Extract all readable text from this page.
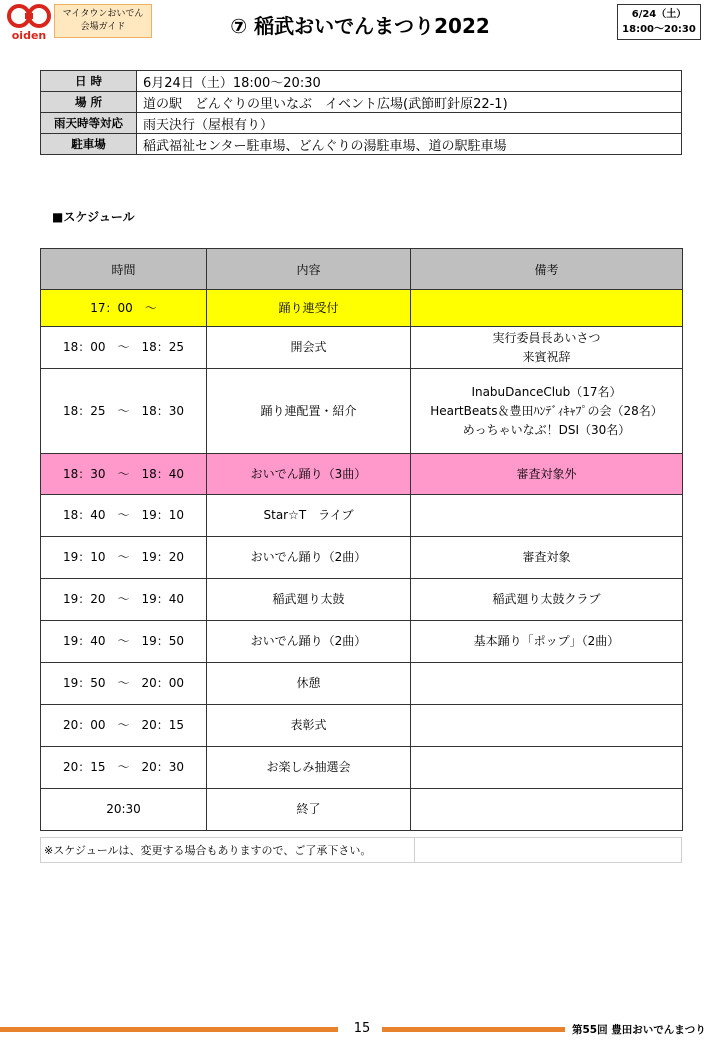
oiden
マイタウンおいでん
会場ガイド	⑦ 稲武おいでんまつり2022	6/24（土）
18:00〜20:30
日 時	6月24日（土）18:00〜20:30
場 所	道の駅　どんぐりの里いなぶ　イベント広場(武節町針原22-1)
雨天時等対応	雨天決行（屋根有り）
駐車場	稲武福祉センター駐車場、どんぐりの湯駐車場、道の駅駐車場
■スケジュール
時間	内容	備考
17：00　～	踊り連受付	

18：00　～　18：25	開会式	実行委員長あいさつ
来賓祝辞

18：25　～　18：30	踊り連配置・紹介	InabuDanceClub（17名）
HeartBeats＆豊田ﾊﾝﾃﾞｨｷｬﾌﾟの会（28名）
めっちゃいなぶ！DSI（30名）

18：30　～　18：40	おいでん踊り（3曲）	審査対象外

18：40　～　19：10	Star☆T　ライブ	

19：10　～　19：20	おいでん踊り（2曲）	審査対象

19：20　～　19：40	稲武廻り太鼓	稲武廻り太鼓クラブ

19：40　～　19：50	おいでん踊り（2曲）	基本踊り「ポップ」（2曲）

19：50　～　20：00	休憩	

20：00　～　20：15	表彰式	

20：15　～　20：30	お楽しみ抽選会	

20:30	終了	
※スケジュールは、変更する場合もありますので、ご了承下さい。
15	第55回 豊田おいでんまつり
